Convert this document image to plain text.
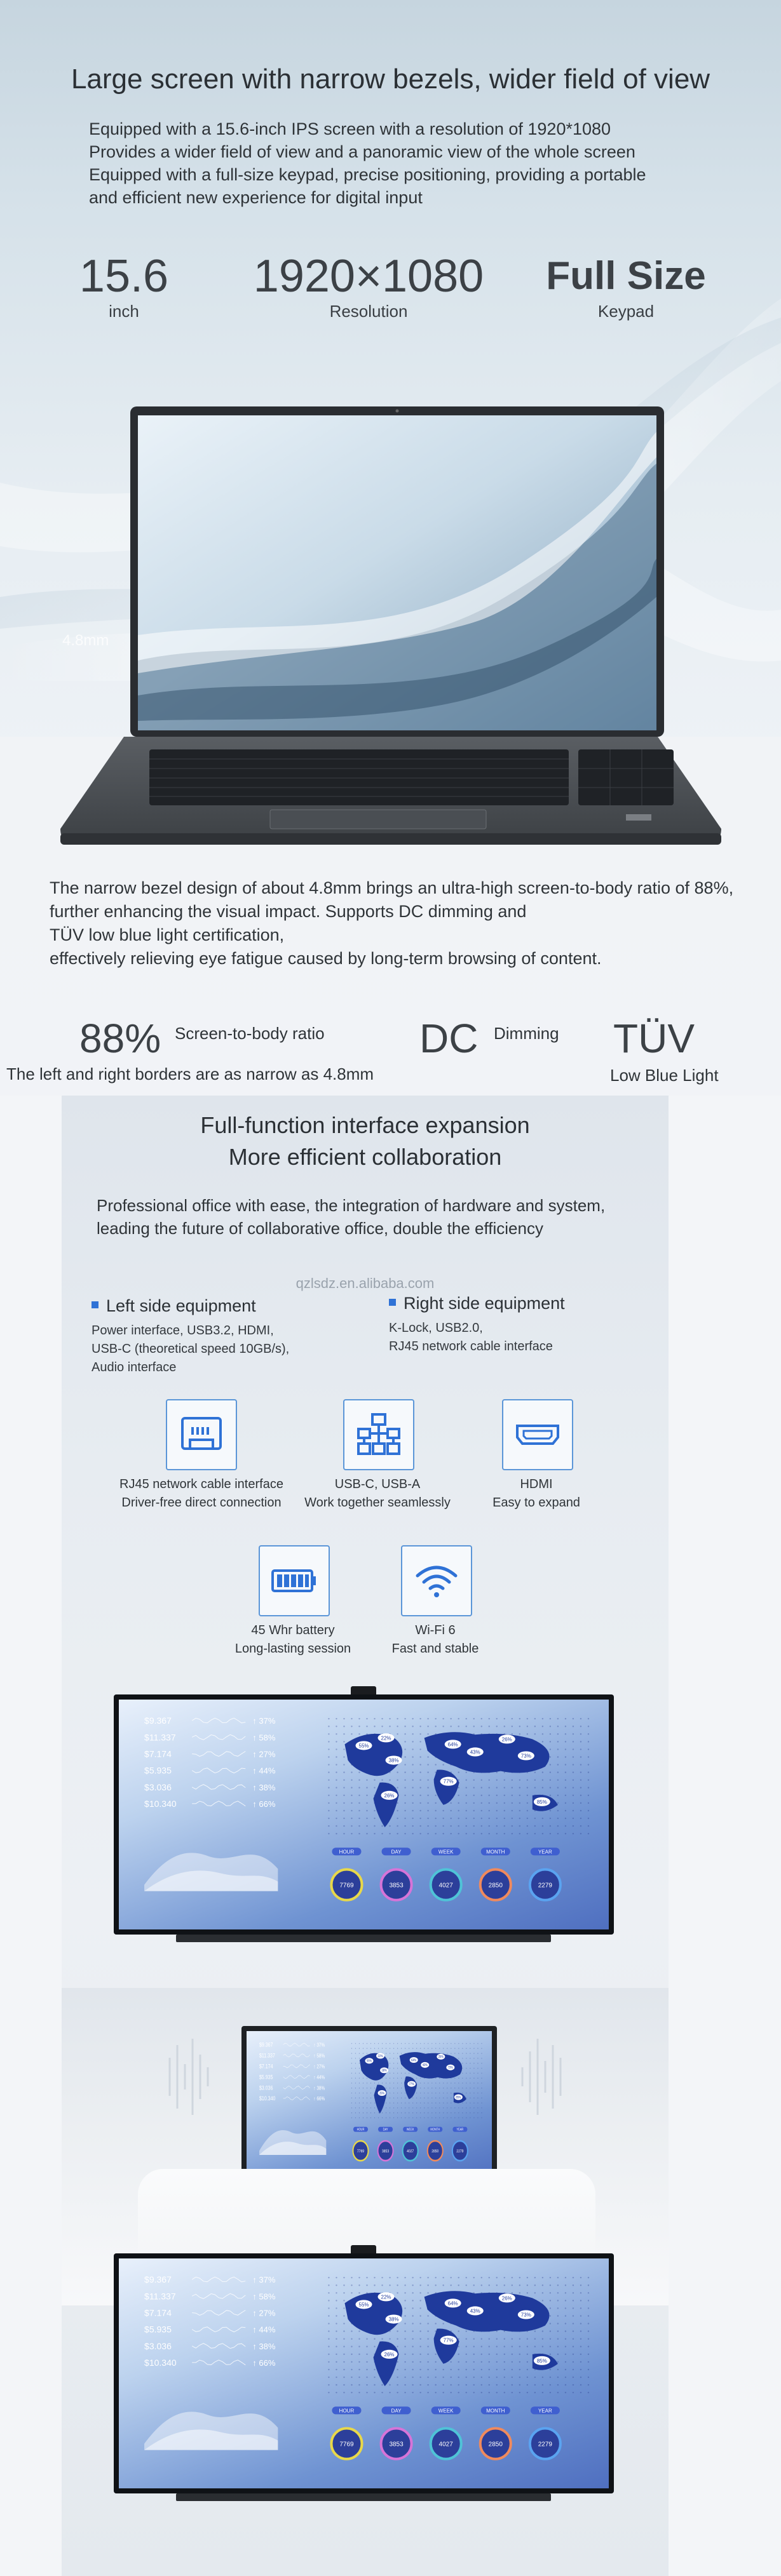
Large screen with narrow bezels, wider field of view
Equipped with a 15.6-inch IPS screen with a resolution of 1920*1080
Provides a wider field of view and a panoramic view of the whole screen
Equipped with a full-size keypad, precise positioning, providing a portable
and efficient new experience for digital input
15.6
inch
1920×1080
Resolution
Full Size
Keypad
4.8mm
The narrow bezel design of about 4.8mm brings an ultra-high screen-to-body ratio of 88%,
further enhancing the visual impact. Supports DC dimming and
TÜV low blue light certification,
effectively relieving eye fatigue caused by long-term browsing of content.
88% Screen-to-body ratio
The left and right borders are as narrow as 4.8mm
DC Dimming TÜV
Low Blue Light
Full-function interface expansion
More efficient collaboration
Professional office with ease, the integration of hardware and system,
leading the future of collaborative office, double the efficiency
qzlsdz.en.alibaba.com
Left side equipment
Power interface, USB3.2, HDMI,
USB-C (theoretical speed 10GB/s),
Audio interface
Right side equipment
K-Lock, USB2.0,
RJ45 network cable interface
RJ45 network cable interface
Driver-free direct connection
USB-C, USB-A
Work together seamlessly
HDMI
Easy to expand
45 Whr battery
Long-lasting session
Wi-Fi 6
Fast and stable
$9.367	↑ 37%
$11.337	↑ 58%
$7.174	↑ 27%
$5.935	↑ 44%
$3.036	↑ 38%
$10.340	↑ 66%
55%
22%
38%
64%
43%
26%
73%
77%
26%
85%
HOUR	DAY	WEEK	MONTH	YEAR
7769	3853	4027	2850	2279
$9.367	↑ 37%
$11.337	↑ 58%
$7.174	↑ 27%
$5.935	↑ 44%
$3.036	↑ 38%
$10.340	↑ 66%
55%
22%
38%
64%
43%
26%
73%
77%
26%
85%
HOUR	DAY	WEEK	MONTH	YEAR
7769	3853	4027	2850	2279
$9.367	↑ 37%
$11.337	↑ 58%
$7.174	↑ 27%
$5.935	↑ 44%
$3.036	↑ 38%
$10.340	↑ 66%
55%
22%
38%
64%
43%
26%
73%
77%
26%
85%
HOUR	DAY	WEEK	MONTH	YEAR
7769	3853	4027	2850	2279
